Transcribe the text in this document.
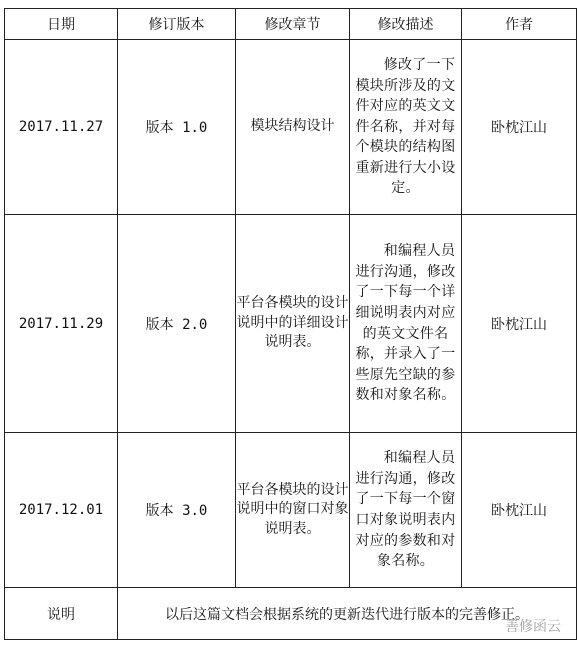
日期	修订版本	修改章节	修改描述	作者
2017.11.27	版本 1.0	模块结构设计	修改了一下模块所涉及的文件对应的英文文件名称，并对每个模块的结构图重新进行大小设定。	卧枕江山
2017.11.29	版本 2.0	平台各模块的设计说明中的详细设计说明表。	和编程人员进行沟通，修改了一下每一个详细说明表内对应的英文文件名称，并录入了一些原先空缺的参数和对象名称。	卧枕江山
2017.12.01	版本 3.0	平台各模块的设计说明中的窗口对象说明表。	和编程人员进行沟通，修改了一下每一个窗口对象说明表内对应的参数和对象名称。	卧枕江山
说明	以后这篇文档会根据系统的更新迭代进行版本的完善修正。			
善修函云
